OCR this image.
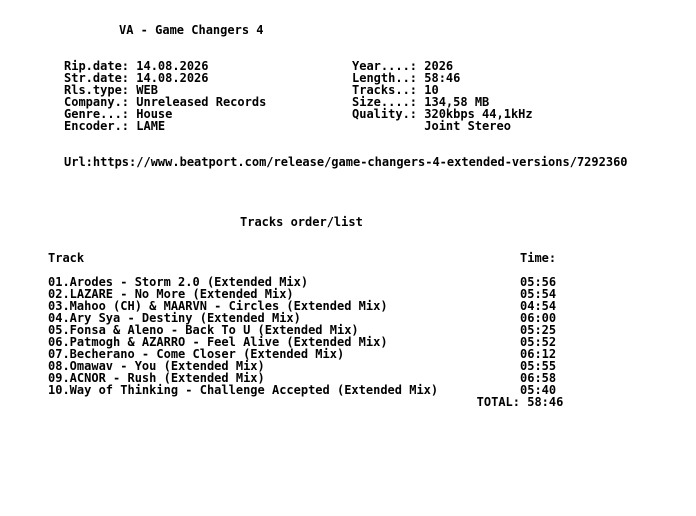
VA - Game Changers 4
Rip.date: 14.08.2026
Str.date: 14.08.2026
Rls.type: WEB
Company.: Unreleased Records
Genre...: House
Encoder.: LAME
Year....: 2026
Length..: 58:46
Tracks..: 10
Size....: 134,58 MB
Quality.: 320kbps 44,1kHz
Joint Stereo
Url:https://www.beatport.com/release/game-changers-4-extended-versions/7292360
Tracks order/list
Track	Time:
01.Arodes - Storm 2.0 (Extended Mix)	05:56
02.LAZARE - No More (Extended Mix)	05:54
03.Mahoo (CH) & MAARVN - Circles (Extended Mix)	04:54
04.Ary Sya - Destiny (Extended Mix)	06:00
05.Fonsa & Aleno - Back To U (Extended Mix)	05:25
06.Patmogh & AZARRO - Feel Alive (Extended Mix)	05:52
07.Becherano - Come Closer (Extended Mix)	06:12
08.Omawav - You (Extended Mix)	05:55
09.ACNOR - Rush (Extended Mix)	06:58
10.Way of Thinking - Challenge Accepted (Extended Mix)	05:40
TOTAL: 58:46
